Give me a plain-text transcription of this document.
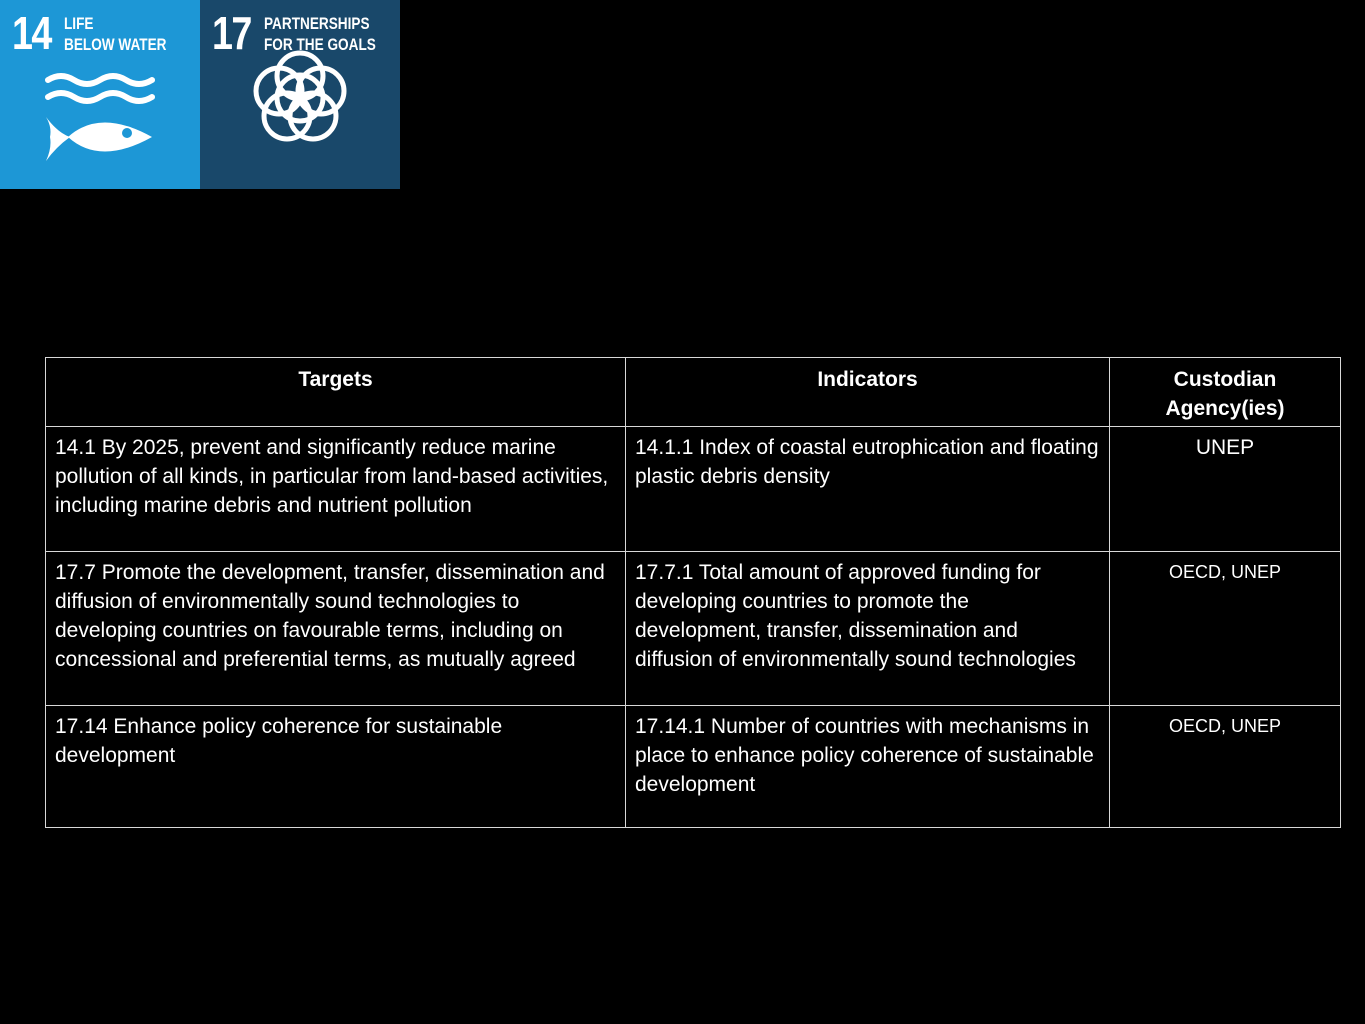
14 LIFE
BELOW WATER 17 PARTNERSHIPS
FOR THE GOALS
Targets	Indicators	Custodian Agency(ies)
14.1 By 2025, prevent and significantly reduce marine pollution of all kinds, in particular from land-based activities, including marine debris and nutrient pollution	14.1.1 Index of coastal eutrophication and floating plastic debris density	UNEP
17.7 Promote the development, transfer, dissemination and diffusion of environmentally sound technologies to developing countries on favourable terms, including on concessional and preferential terms, as mutually agreed	17.7.1 Total amount of approved funding for developing countries to promote the development, transfer, dissemination and diffusion of environmentally sound technologies	OECD, UNEP
17.14 Enhance policy coherence for sustainable development	17.14.1 Number of countries with mechanisms in place to enhance policy coherence of sustainable development	OECD, UNEP
